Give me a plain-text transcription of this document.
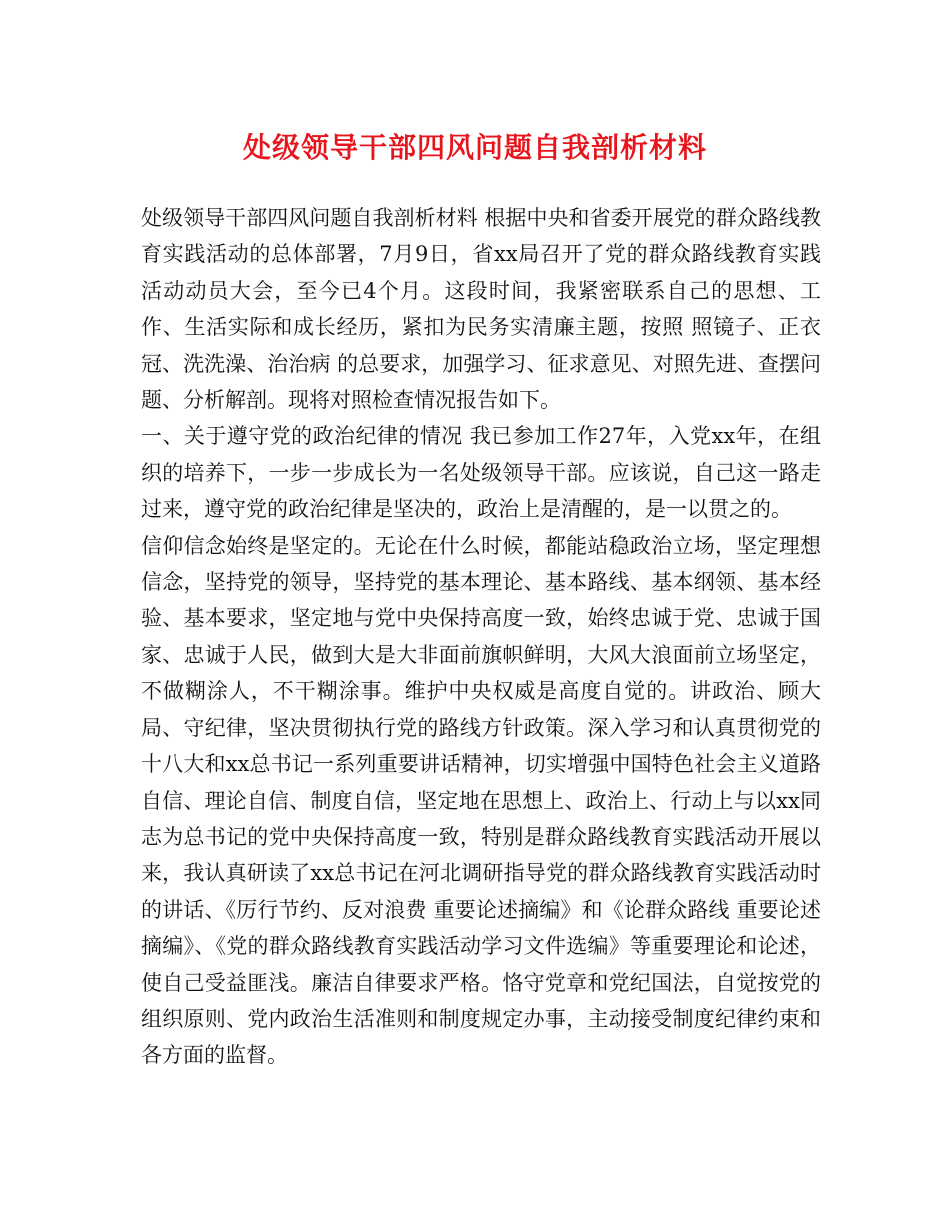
处级领导干部四风问题自我剖析材料

处级领导干部四风问题自我剖析材料 根据中央和省委开展党的群众路线教育实践活动的总体部署，7月9日，省xx局召开了党的群众路线教育实践活动动员大会，至今已4个月。这段时间，我紧密联系自己的思想、工作、生活实际和成长经历，紧扣为民务实清廉主题，按照 照镜子、正衣冠、洗洗澡、治治病 的总要求，加强学习、征求意见、对照先进、查摆问题、分析解剖。现将对照检查情况报告如下。

一、关于遵守党的政治纪律的情况 我已参加工作27年，入党xx年，在组织的培养下，一步一步成长为一名处级领导干部。应该说，自己这一路走过来，遵守党的政治纪律是坚决的，政治上是清醒的，是一以贯之的。

信仰信念始终是坚定的。无论在什么时候，都能站稳政治立场，坚定理想信念，坚持党的领导，坚持党的基本理论、基本路线、基本纲领、基本经验、基本要求，坚定地与党中央保持高度一致，始终忠诚于党、忠诚于国家、忠诚于人民，做到大是大非面前旗帜鲜明，大风大浪面前立场坚定，不做糊涂人，不干糊涂事。维护中央权威是高度自觉的。讲政治、顾大局、守纪律，坚决贯彻执行党的路线方针政策。深入学习和认真贯彻党的十八大和xx总书记一系列重要讲话精神，切实增强中国特色社会主义道路自信、理论自信、制度自信，坚定地在思想上、政治上、行动上与以xx同志为总书记的党中央保持高度一致，特别是群众路线教育实践活动开展以来，我认真研读了xx总书记在河北调研指导党的群众路线教育实践活动时的讲话、《厉行节约、反对浪费 重要论述摘编》和《论群众路线 重要论述摘编》、《党的群众路线教育实践活动学习文件选编》等重要理论和论述，使自己受益匪浅。廉洁自律要求严格。恪守党章和党纪国法，自觉按党的组织原则、党内政治生活准则和制度规定办事，主动接受制度纪律约束和各方面的监督。
